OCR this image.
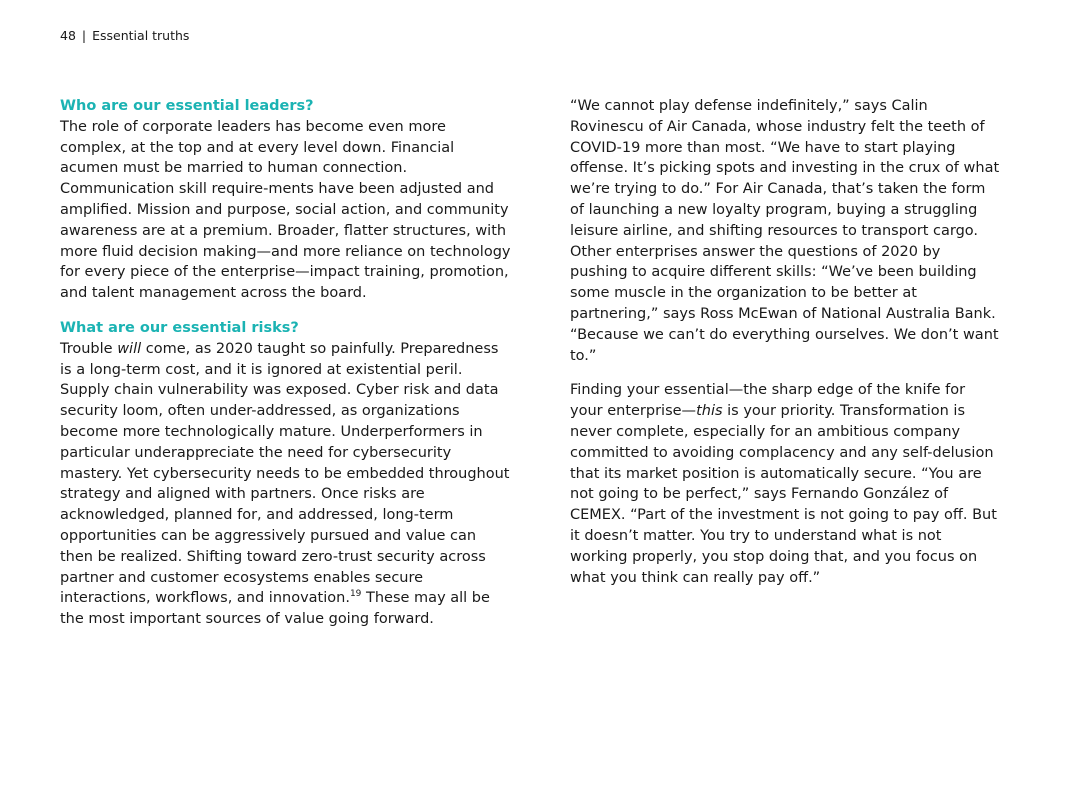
48 | Essential truths

Who are our essential leaders?

The role of corporate leaders has become even more complex, at the top and at every level down. Financial acumen must be married to human connection. Communication skill require-ments have been adjusted and amplified. Mission and purpose, social action, and community awareness are at a premium. Broader, flatter structures, with more fluid decision making—and more reliance on technology for every piece of the enterprise—impact training, promotion, and talent management across the board.

What are our essential risks?

Trouble will come, as 2020 taught so painfully. Preparedness is a long-term cost, and it is ignored at existential peril. Supply chain vulnerability was exposed. Cyber risk and data security loom, often under-addressed, as organizations become more technologically mature. Underperformers in particular underappreciate the need for cybersecurity mastery. Yet cybersecurity needs to be embedded throughout strategy and aligned with partners. Once risks are acknowledged, planned for, and addressed, long-term opportunities can be aggressively pursued and value can then be realized. Shifting toward zero-trust security across partner and customer ecosystems enables secure interactions, workflows, and innovation.$^{19}$ These may all be the most important sources of value going forward.

“We cannot play defense indefinitely,” says Calin Rovinescu of Air Canada, whose industry felt the teeth of COVID-19 more than most. “We have to start playing offense. It’s picking spots and investing in the crux of what we’re trying to do.” For Air Canada, that’s taken the form of launching a new loyalty program, buying a struggling leisure airline, and shifting resources to transport cargo. Other enterprises answer the questions of 2020 by pushing to acquire different skills: “We’ve been building some muscle in the organization to be better at partnering,” says Ross McEwan of National Australia Bank. “Because we can’t do everything ourselves. We don’t want to.”

Finding your essential—the sharp edge of the knife for your enterprise—this is your priority. Transformation is never complete, especially for an ambitious company committed to avoiding complacency and any self-delusion that its market position is automatically secure. “You are not going to be perfect,” says Fernando González of CEMEX. “Part of the investment is not going to pay off. But it doesn’t matter. You try to understand what is not working properly, you stop doing that, and you focus on what you think can really pay off.”
